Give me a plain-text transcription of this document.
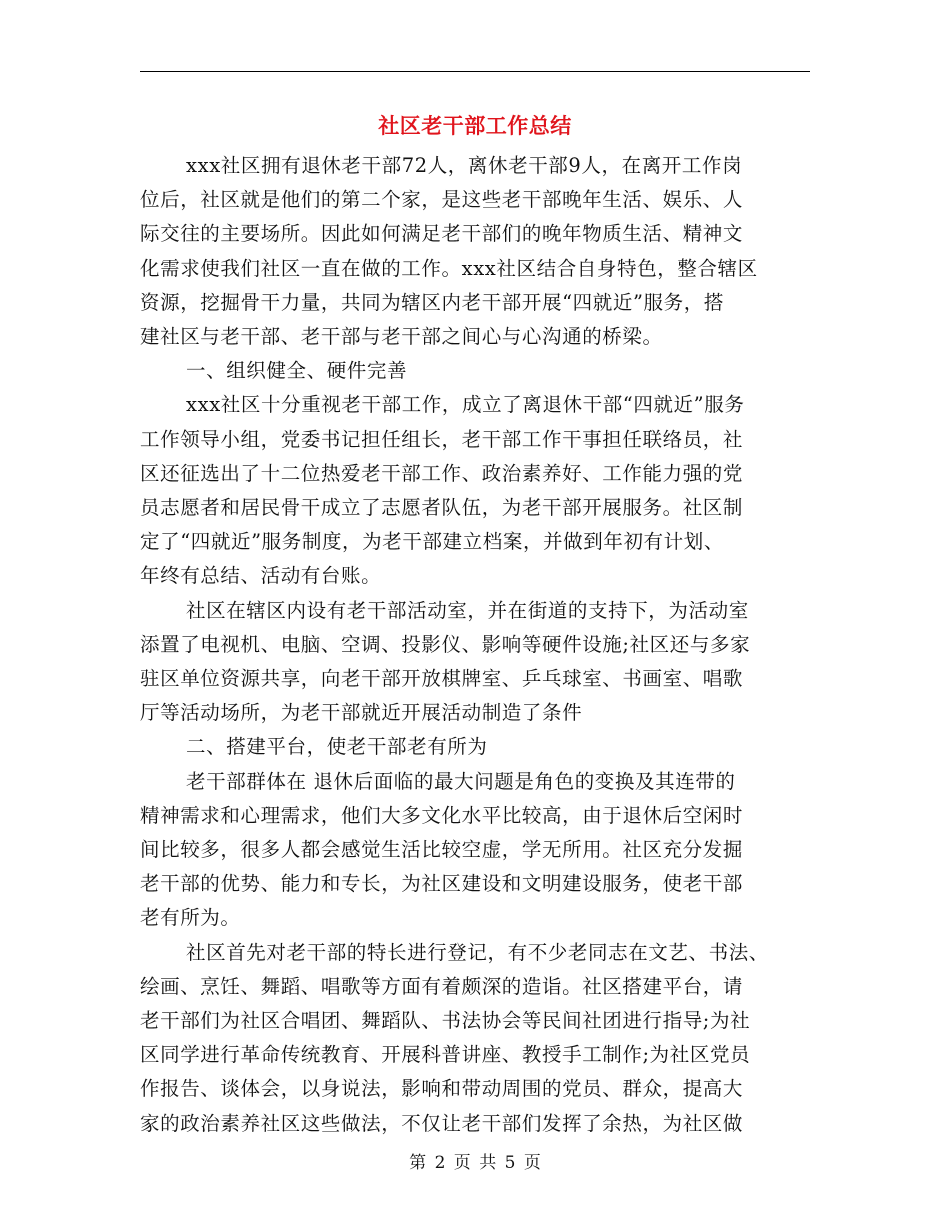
社区老干部工作总结
xxx社区拥有退休老干部72人，离休老干部9人，在离开工作岗
位后，社区就是他们的第二个家，是这些老干部晚年生活、娱乐、人
际交往的主要场所。因此如何满足老干部们的晚年物质生活、精神文
化需求使我们社区一直在做的工作。xxx社区结合自身特色，整合辖区
资源，挖掘骨干力量，共同为辖区内老干部开展“四就近”服务，搭
建社区与老干部、老干部与老干部之间心与心沟通的桥梁。
一、组织健全、硬件完善
xxx社区十分重视老干部工作，成立了离退休干部“四就近”服务
工作领导小组，党委书记担任组长，老干部工作干事担任联络员，社
区还征选出了十二位热爱老干部工作、政治素养好、工作能力强的党
员志愿者和居民骨干成立了志愿者队伍，为老干部开展服务。社区制
定了“四就近”服务制度，为老干部建立档案，并做到年初有计划、
年终有总结、活动有台账。
社区在辖区内设有老干部活动室，并在街道的支持下，为活动室
添置了电视机、电脑、空调、投影仪、影响等硬件设施;社区还与多家
驻区单位资源共享，向老干部开放棋牌室、乒乓球室、书画室、唱歌
厅等活动场所，为老干部就近开展活动制造了条件
二、搭建平台，使老干部老有所为
老干部群体在 退休后面临的最大问题是角色的变换及其连带的
精神需求和心理需求，他们大多文化水平比较高，由于退休后空闲时
间比较多，很多人都会感觉生活比较空虚，学无所用。社区充分发掘
老干部的优势、能力和专长，为社区建设和文明建设服务，使老干部
老有所为。
社区首先对老干部的特长进行登记，有不少老同志在文艺、书法、
绘画、烹饪、舞蹈、唱歌等方面有着颇深的造诣。社区搭建平台，请
老干部们为社区合唱团、舞蹈队、书法协会等民间社团进行指导;为社
区同学进行革命传统教育、开展科普讲座、教授手工制作;为社区党员
作报告、谈体会，以身说法，影响和带动周围的党员、群众，提高大
家的政治素养社区这些做法，不仅让老干部们发挥了余热，为社区做
第 2 页 共 5 页
